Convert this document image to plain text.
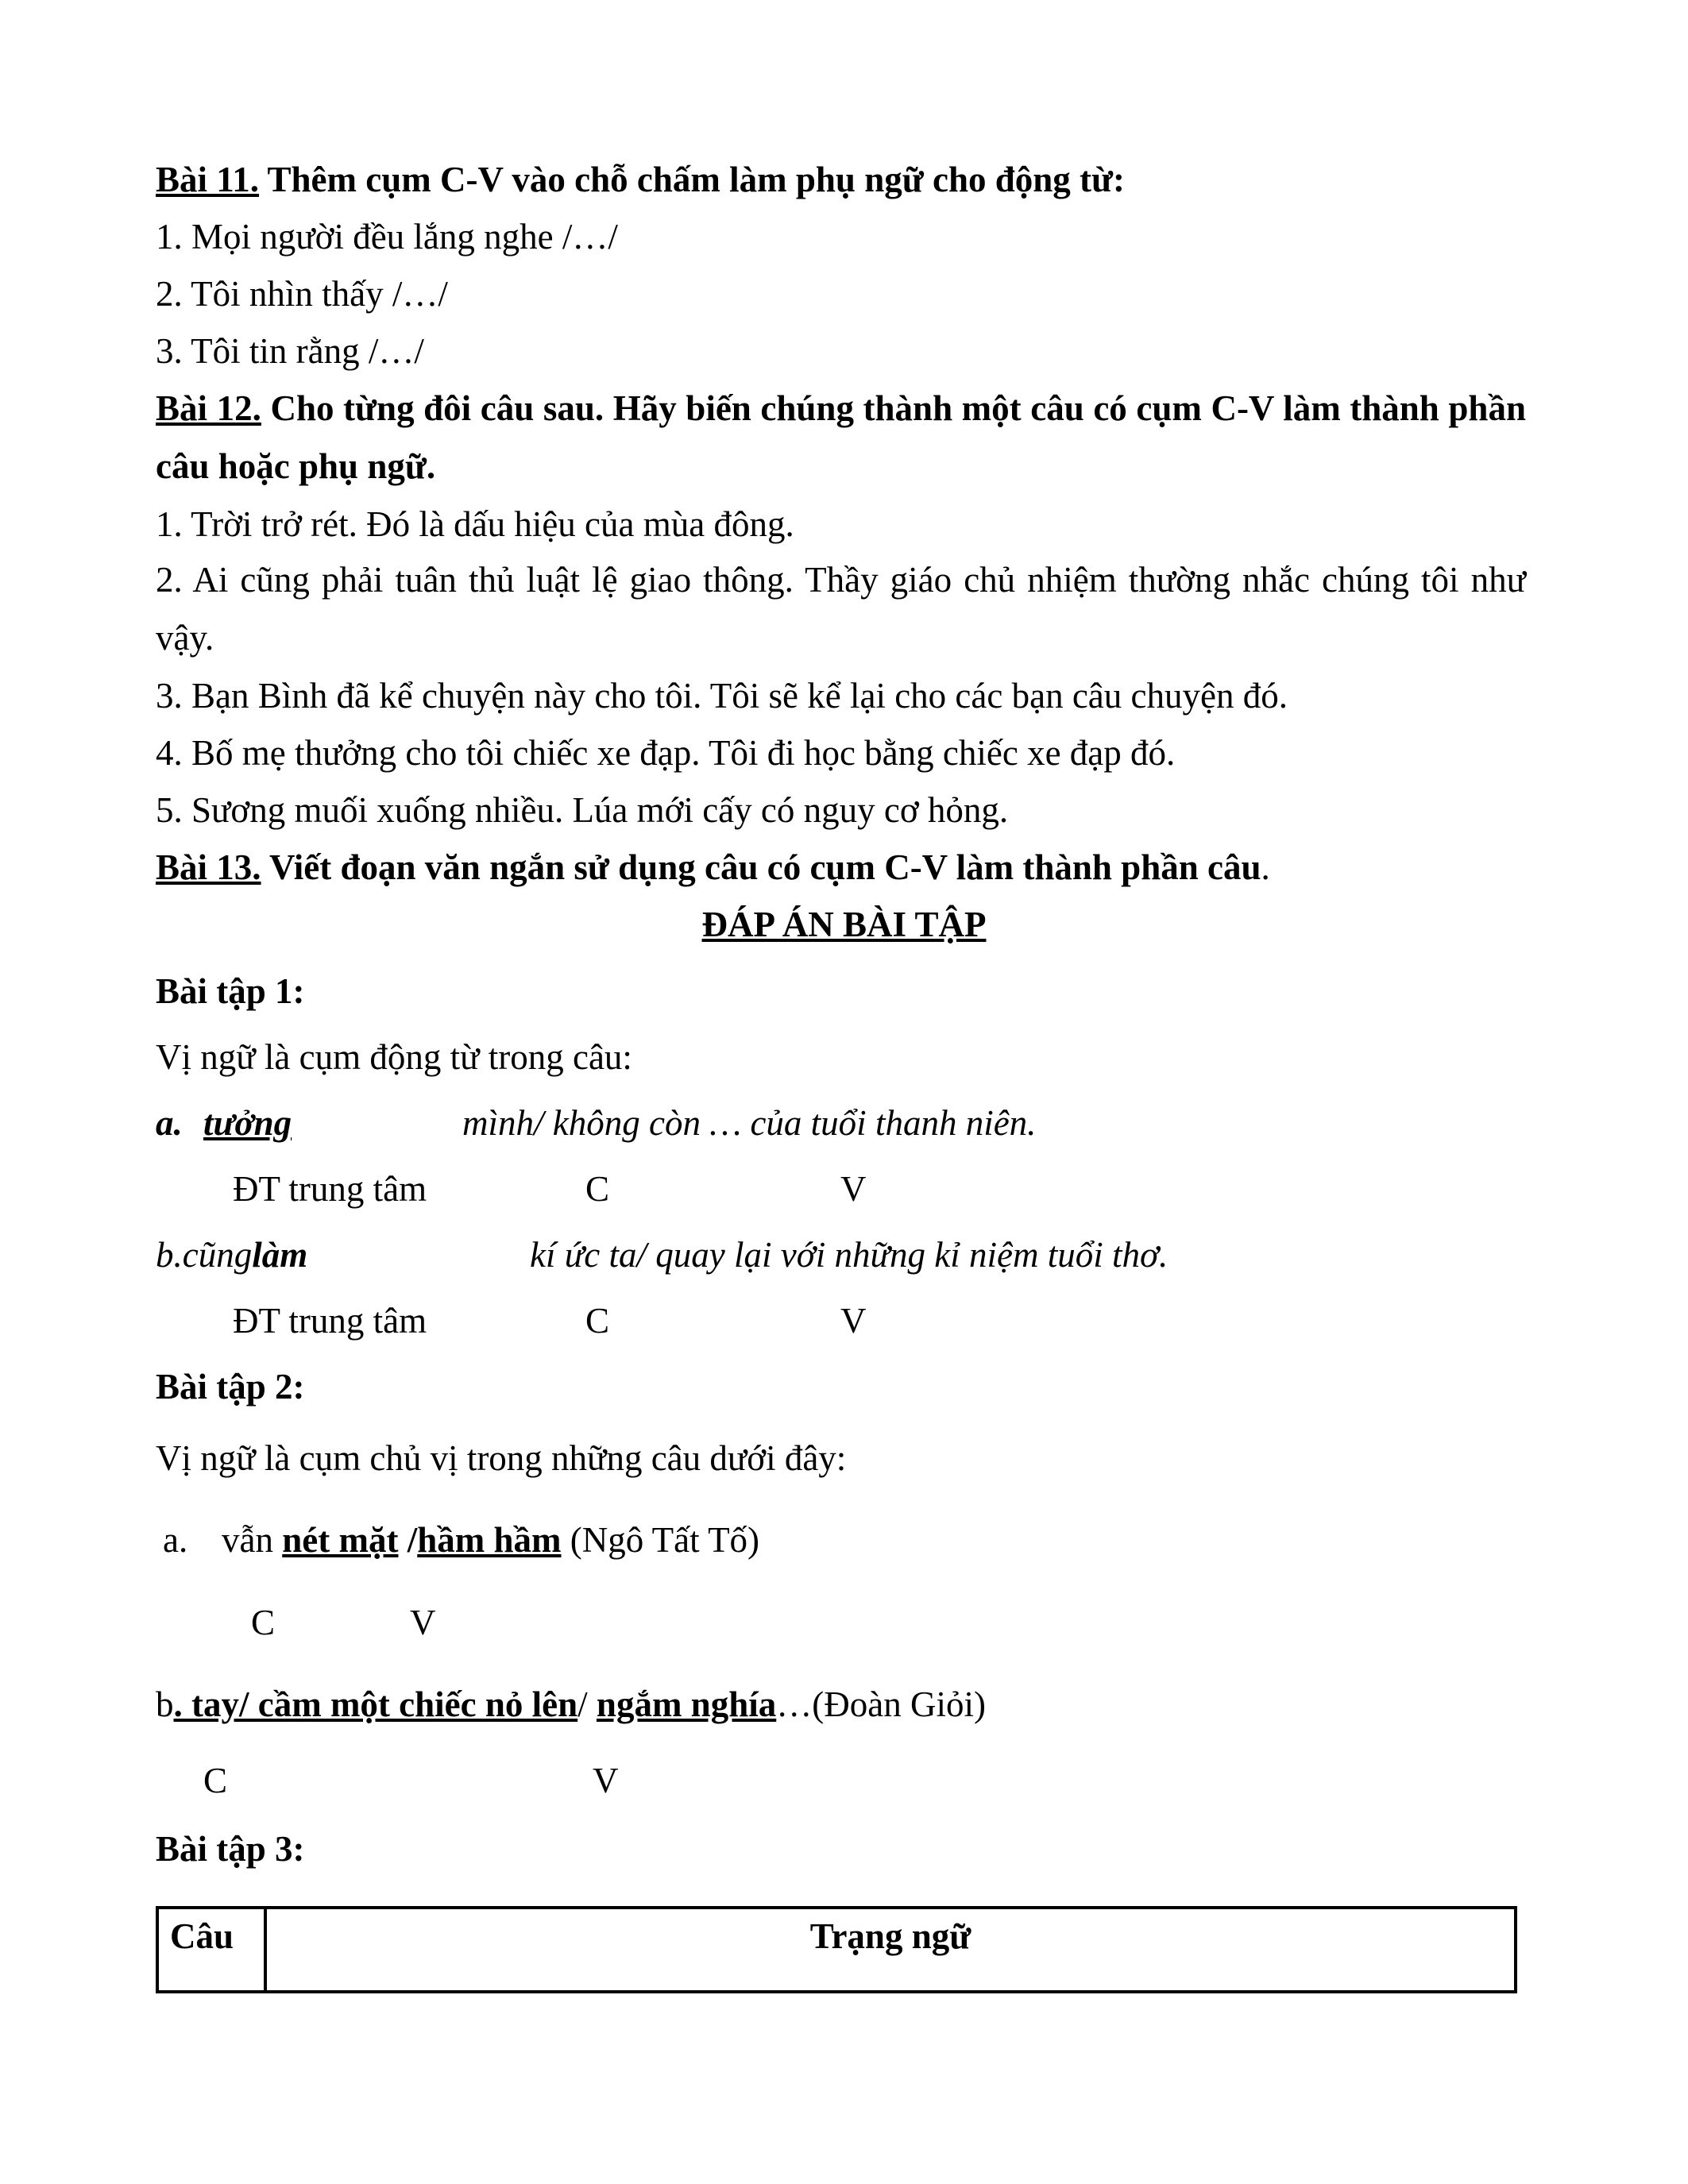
Bài 11. Thêm cụm C-V vào chỗ chấm làm phụ ngữ cho động từ:
1. Mọi người đều lắng nghe /…/
2. Tôi nhìn thấy /…/
3. Tôi tin rằng /…/
Bài 12. Cho từng đôi câu sau. Hãy biến chúng thành một câu có cụm C-V làm thành phần câu hoặc phụ ngữ.
1. Trời trở rét. Đó là dấu hiệu của mùa đông.
2. Ai cũng phải tuân thủ luật lệ giao thông. Thầy giáo chủ nhiệm thường nhắc chúng tôi như vậy.
3. Bạn Bình đã kể chuyện này cho tôi. Tôi sẽ kể lại cho các bạn câu chuyện đó.
4. Bố mẹ thưởng cho tôi chiếc xe đạp. Tôi đi học bằng chiếc xe đạp đó.
5. Sương muối xuống nhiều. Lúa mới cấy có nguy cơ hỏng.
Bài 13. Viết đoạn văn ngắn sử dụng câu có cụm C-V làm thành phần câu.
ĐÁP ÁN BÀI TẬP
Bài tập 1:
Vị ngữ là cụm động từ trong câu:
a. tưởng	mình/ không còn … của tuổi thanh niên.
ĐT trung tâm	C	V
b.cũnglàm	kí ức ta/ quay lại với những kỉ niệm tuổi thơ.
ĐT trung tâm	C	V
Bài tập 2:
Vị ngữ là cụm chủ vị trong những câu dưới đây:
a. vẫn nét mặt /hầm hầm (Ngô Tất Tố)
C	V
b. tay/ cầm một chiếc nỏ lên/ ngắm nghía…(Đoàn Giỏi)
C	V
Bài tập 3:
Câu	Trạng ngữ
